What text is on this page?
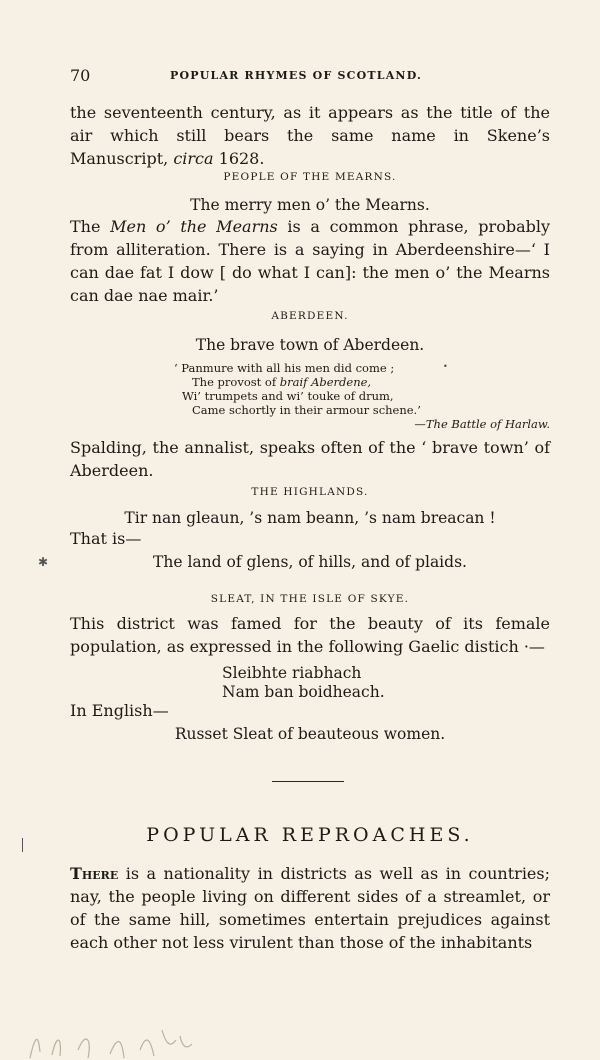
70	POPULAR RHYMES OF SCOTLAND.
the seventeenth century, as it appears as the title of the air which still bears the same name in Skene’s Manuscript, circa 1628.
PEOPLE OF THE MEARNS.
The merry men o’ the Mearns.
The Men o’ the Mearns is a common phrase, probably from alliteration. There is a saying in Aberdeenshire—‘ I can dae fat I dow [ do what I can]: the men o’ the Mearns can dae nae mair.’
ABERDEEN.
The brave town of Aberdeen.
‘ Panmure with all his men did come ;
The provost of braif Aberdene,
Wi’ trumpets and wi’ touke of drum,
Came schortly in their armour schene.’
—The Battle of Harlaw.
Spalding, the annalist, speaks often of the ‘ brave town’ of Aberdeen.
THE HIGHLANDS.
Tir nan gleaun, ’s nam beann, ’s nam breacan !
That is—
The land of glens, of hills, and of plaids.
SLEAT, IN THE ISLE OF SKYE.
This district was famed for the beauty of its female population, as expressed in the following Gaelic distich ·—
Sleibhte riabhach
Nam ban boidheach.
In English—
Russet Sleat of beauteous women.
POPULAR REPROACHES.
There is a nationality in districts as well as in countries; nay, the people living on different sides of a streamlet, or of the same hill, sometimes entertain prejudices against each other not less virulent than those of the inhabitants
✱
•
